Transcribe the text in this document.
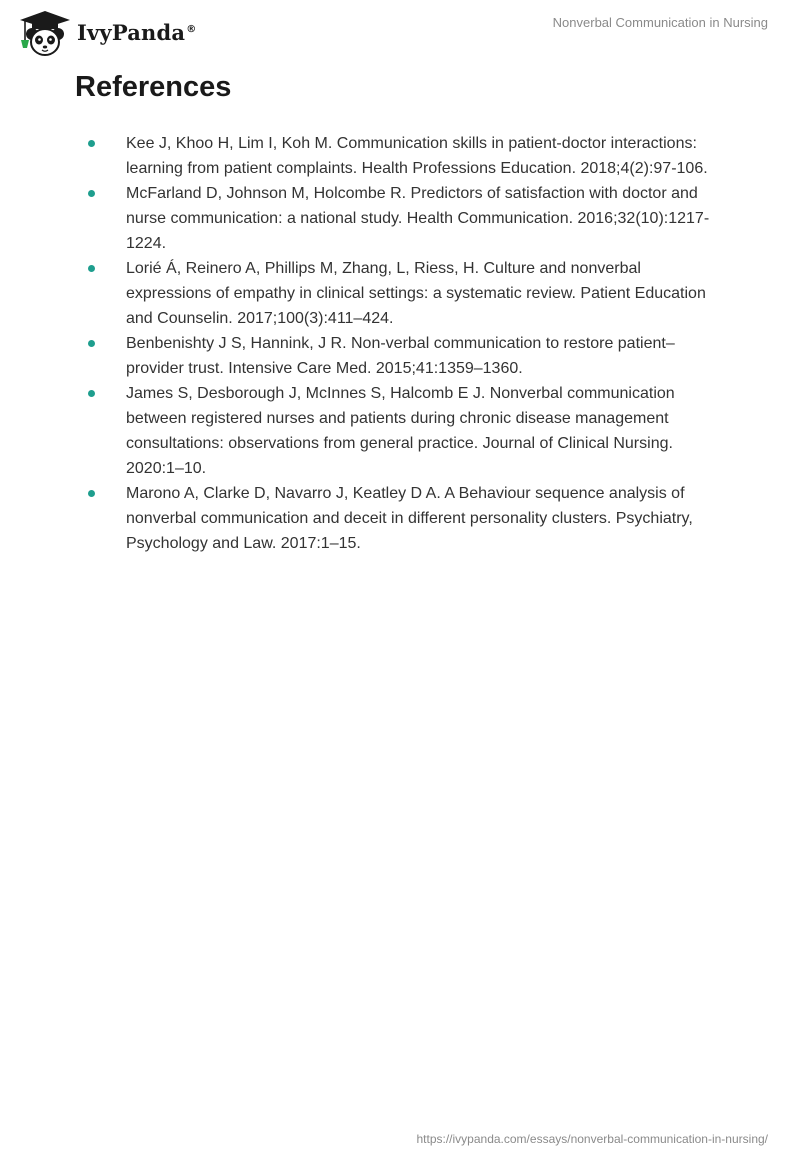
IvyPanda®	Nonverbal Communication in Nursing
References
Kee J, Khoo H, Lim I, Koh M. Communication skills in patient-doctor interactions: learning from patient complaints. Health Professions Education. 2018;4(2):97-106.
McFarland D, Johnson M, Holcombe R. Predictors of satisfaction with doctor and nurse communication: a national study. Health Communication. 2016;32(10):1217-1224.
Lorié Á, Reinero A, Phillips M, Zhang, L, Riess, H. Culture and nonverbal expressions of empathy in clinical settings: a systematic review. Patient Education and Counselin. 2017;100(3):411–424.
Benbenishty J S, Hannink, J R. Non-verbal communication to restore patient–provider trust. Intensive Care Med. 2015;41:1359–1360.
James S, Desborough J, McInnes S, Halcomb E J. Nonverbal communication between registered nurses and patients during chronic disease management consultations: observations from general practice. Journal of Clinical Nursing. 2020:1–10.
Marono A, Clarke D, Navarro J, Keatley D A. A Behaviour sequence analysis of nonverbal communication and deceit in different personality clusters. Psychiatry, Psychology and Law. 2017:1–15.
https://ivypanda.com/essays/nonverbal-communication-in-nursing/
